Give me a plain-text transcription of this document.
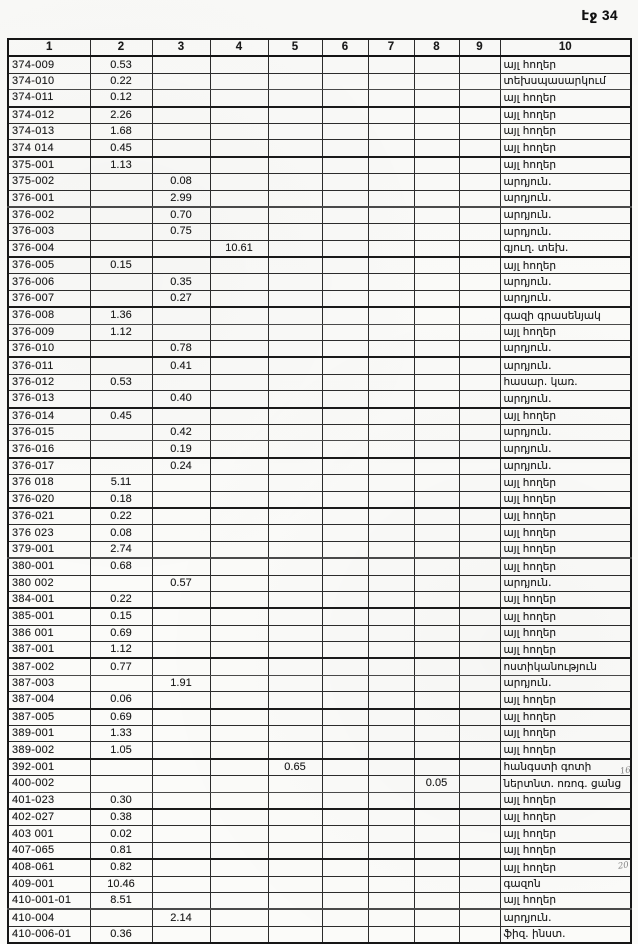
էջ 34
1	2	3	4	5	6	7	8	9	10
374-009	0.53								այլ հողեր
374-010	0.22								տեխսպասարկում
374-011	0.12								այլ հողեր
374-012	2.26								այլ հողեր
374-013	1.68								այլ հողեր
374 014	0.45								այլ հողեր
375-001	1.13								այլ հողեր
375-002		0.08							արդյուն.
376-001		2.99							արդյուն.
376-002		0.70							արդյուն.
376-003		0.75							արդյուն.
376-004			10.61						գյուղ. տեխ.
376-005	0.15								այլ հողեր
376-006		0.35							արդյուն.
376-007		0.27							արդյուն.
376-008	1.36								գազի գրասենյակ
376-009	1.12								այլ հողեր
376-010		0.78							արդյուն.
376-011		0.41							արդյուն.
376-012	0.53								հասար. կառ.
376-013		0.40							արդյուն.
376-014	0.45								այլ հողեր
376-015		0.42							արդյուն.
376-016		0.19							արդյուն.
376-017		0.24							արդյուն.
376 018	5.11								այլ հողեր
376-020	0.18								այլ հողեր
376-021	0.22								այլ հողեր
376 023	0.08								այլ հողեր
379-001	2.74								այլ հողեր
380-001	0.68								այլ հողեր
380 002		0.57							արդյուն.
384-001	0.22								այլ հողեր
385-001	0.15								այլ հողեր
386 001	0.69								այլ հողեր
387-001	1.12								այլ հողեր
387-002	0.77								ոստիկանություն
387-003		1.91							արդյուն.
387-004	0.06								այլ հողեր
387-005	0.69								այլ հողեր
389-001	1.33								այլ հողեր
389-002	1.05								այլ հողեր
392-001				0.65					հանգստի գոտի
400-002							0.05		ներտնտ. ոռոգ. ցանց
401-023	0.30								այլ հողեր
402-027	0.38								այլ հողեր
403 001	0.02								այլ հողեր
407-065	0.81								այլ հողեր
408-061	0.82								այլ հողեր
409-001	10.46								գազոն
410-001-01	8.51								այլ հողեր
410-004		2.14							արդյուն.
410-006-01	0.36								ֆիզ. ինստ.
16
20
